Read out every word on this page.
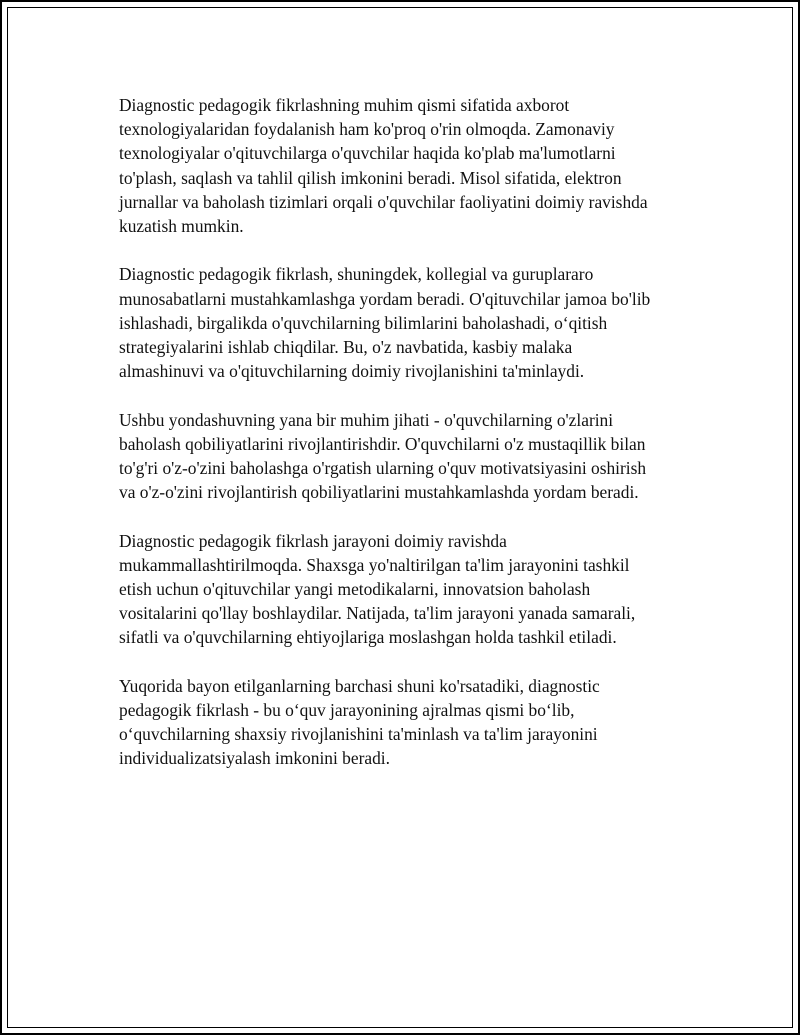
Diagnostic pedagogik fikrlashning muhim qismi sifatida axborot
texnologiyalaridan foydalanish ham ko'proq o'rin olmoqda. Zamonaviy
texnologiyalar o'qituvchilarga o'quvchilar haqida ko'plab ma'lumotlarni
to'plash, saqlash va tahlil qilish imkonini beradi. Misol sifatida, elektron
jurnallar va baholash tizimlari orqali o'quvchilar faoliyatini doimiy ravishda
kuzatish mumkin.

Diagnostic pedagogik fikrlash, shuningdek, kollegial va guruplararo
munosabatlarni mustahkamlashga yordam beradi. O'qituvchilar jamoa bo'lib
ishlashadi, birgalikda o'quvchilarning bilimlarini baholashadi, o‘qitish
strategiyalarini ishlab chiqdilar. Bu, o'z navbatida, kasbiy malaka
almashinuvi va o'qituvchilarning doimiy rivojlanishini ta'minlaydi.

Ushbu yondashuvning yana bir muhim jihati - o'quvchilarning o'zlarini
baholash qobiliyatlarini rivojlantirishdir. O'quvchilarni o'z mustaqillik bilan
to'g'ri o'z-o'zini baholashga o'rgatish ularning o'quv motivatsiyasini oshirish
va o'z-o'zini rivojlantirish qobiliyatlarini mustahkamlashda yordam beradi.

Diagnostic pedagogik fikrlash jarayoni doimiy ravishda
mukammallashtirilmoqda. Shaxsga yo'naltirilgan ta'lim jarayonini tashkil
etish uchun o'qituvchilar yangi metodikalarni, innovatsion baholash
vositalarini qo'llay boshlaydilar. Natijada, ta'lim jarayoni yanada samarali,
sifatli va o'quvchilarning ehtiyojlariga moslashgan holda tashkil etiladi.

Yuqorida bayon etilganlarning barchasi shuni ko'rsatadiki, diagnostic
pedagogik fikrlash - bu o‘quv jarayonining ajralmas qismi bo‘lib,
o‘quvchilarning shaxsiy rivojlanishini ta'minlash va ta'lim jarayonini
individualizatsiyalash imkonini beradi.
